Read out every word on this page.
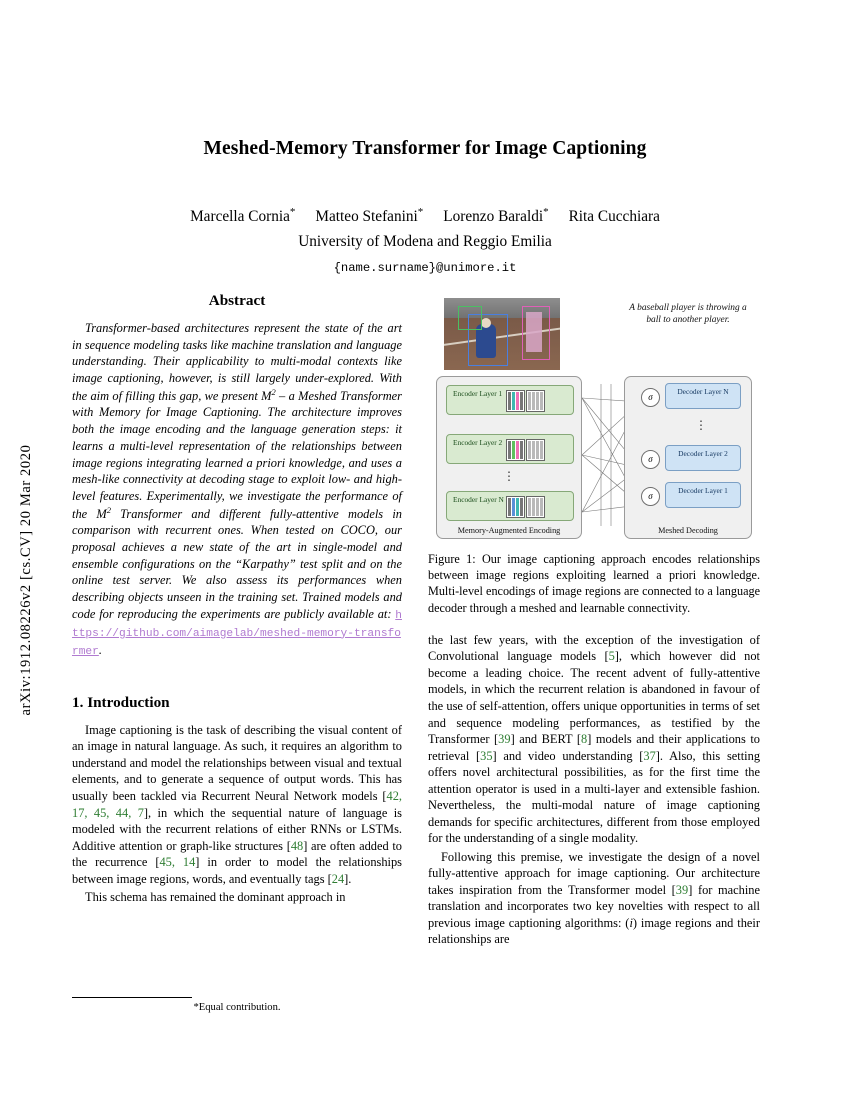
arXiv:1912.08226v2 [cs.CV] 20 Mar 2020
Meshed-Memory Transformer for Image Captioning
Marcella Cornia* Matteo Stefanini* Lorenzo Baraldi* Rita Cucchiara
University of Modena and Reggio Emilia
{name.surname}@unimore.it
Abstract

Transformer-based architectures represent the state of the art in sequence modeling tasks like machine translation and language understanding. Their applicability to multi-modal contexts like image captioning, however, is still largely under-explored. With the aim of filling this gap, we present $M^2$ – a Meshed Transformer with Memory for Image Captioning. The architecture improves both the image encoding and the language generation steps: it learns a multi-level representation of the relationships between image regions integrating learned a priori knowledge, and uses a mesh-like connectivity at decoding stage to exploit low- and high-level features. Experimentally, we investigate the performance of the $M^2$ Transformer and different fully-attentive models in comparison with recurrent ones. When tested on COCO, our proposal achieves a new state of the art in single-model and ensemble configurations on the “Karpathy” test split and on the online test server. We also assess its performances when describing objects unseen in the training set. Trained models and code for reproducing the experiments are publicly available at: https://github.com/aimagelab/meshed-memory-transformer.

1. Introduction

Image captioning is the task of describing the visual content of an image in natural language. As such, it requires an algorithm to understand and model the relationships between visual and textual elements, and to generate a sequence of output words. This has usually been tackled via Recurrent Neural Network models [42, 17, 45, 44, 7], in which the sequential nature of language is modeled with the recurrent relations of either RNNs or LSTMs. Additive attention or graph-like structures [48] are often added to the recurrence [45, 14] in order to model the relationships between image regions, words, and eventually tags [24].

This schema has remained the dominant approach in

*Equal contribution.
A baseball player is throwing a ball to another player.
Encoder Layer 1
Encoder Layer 2
⋮
Encoder Layer N
Memory-Augmented Encoding
σ
Decoder Layer N
⋮
σ
Decoder Layer 2
σ
Decoder Layer 1
Meshed Decoding
Figure 1: Our image captioning approach encodes relationships between image regions exploiting learned a priori knowledge. Multi-level encodings of image regions are connected to a language decoder through a meshed and learnable connectivity.

the last few years, with the exception of the investigation of Convolutional language models [5], which however did not become a leading choice. The recent advent of fully-attentive models, in which the recurrent relation is abandoned in favour of the use of self-attention, offers unique opportunities in terms of set and sequence modeling performances, as testified by the Transformer [39] and BERT [8] models and their applications to retrieval [35] and video understanding [37]. Also, this setting offers novel architectural possibilities, as for the first time the attention operator is used in a multi-layer and extensible fashion. Nevertheless, the multi-modal nature of image captioning demands for specific architectures, different from those employed for the understanding of a single modality.

Following this premise, we investigate the design of a novel fully-attentive approach for image captioning. Our architecture takes inspiration from the Transformer model [39] for machine translation and incorporates two key novelties with respect to all previous image captioning algorithms: (i) image regions and their relationships are
